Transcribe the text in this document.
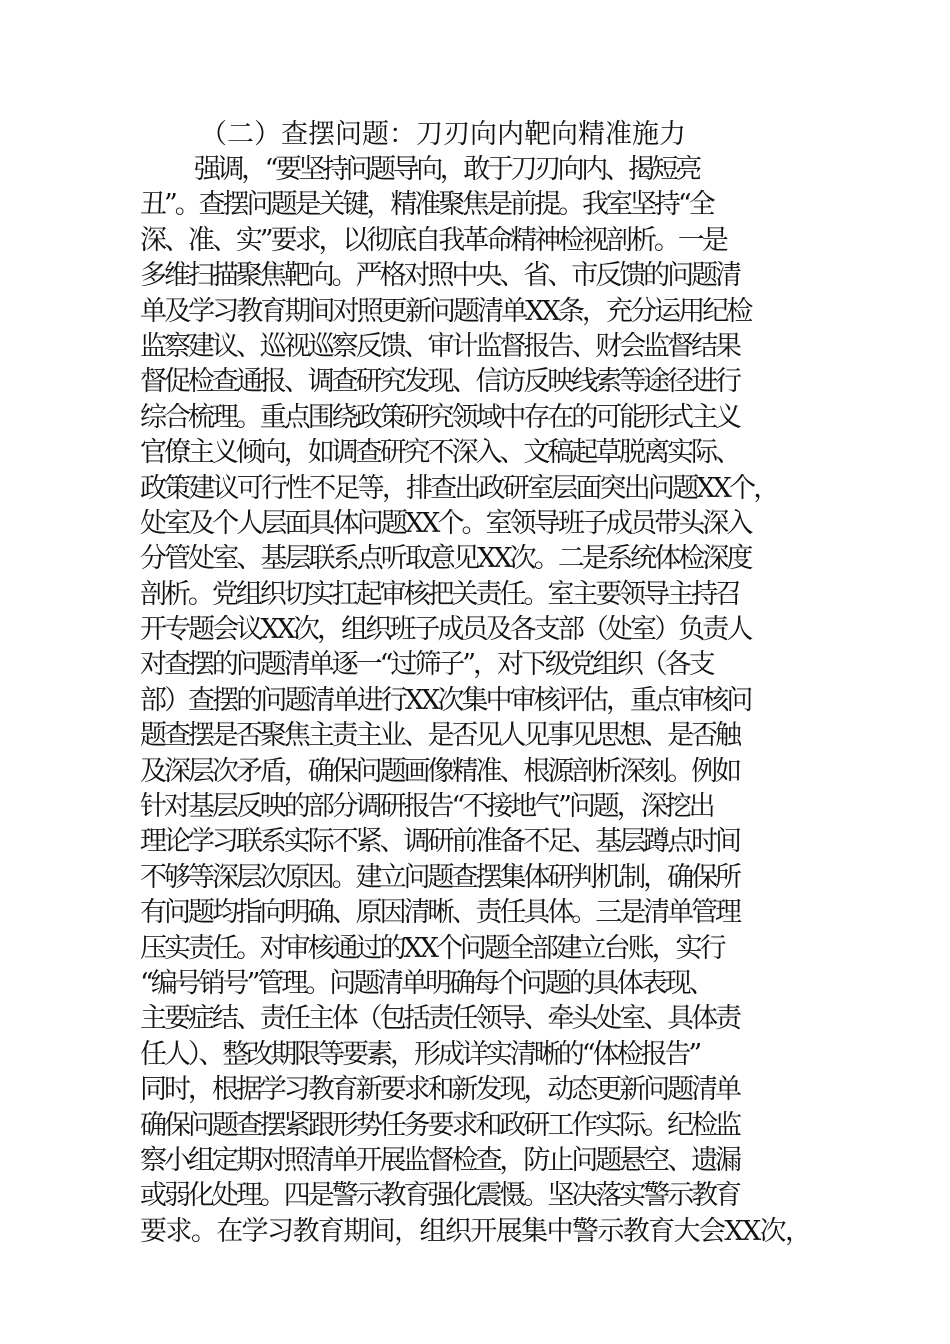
（二）查摆问题：刀刃向内靶向精准施力
强调，“要坚持问题导向，敢于刀刃向内、揭短亮
丑”。查摆问题是关键，精准聚焦是前提。我室坚持“全
深、准、实”要求，以彻底自我革命精神检视剖析。一是
多维扫描聚焦靶向。严格对照中央、省、市反馈的问题清
单及学习教育期间对照更新问题清单XX条，充分运用纪检
监察建议、巡视巡察反馈、审计监督报告、财会监督结果
督促检查通报、调查研究发现、信访反映线索等途径进行
综合梳理。重点围绕政策研究领域中存在的可能形式主义
官僚主义倾向，如调查研究不深入、文稿起草脱离实际、
政策建议可行性不足等，排查出政研室层面突出问题XX个，
处室及个人层面具体问题XX个。室领导班子成员带头深入
分管处室、基层联系点听取意见XX次。二是系统体检深度
剖析。党组织切实扛起审核把关责任。室主要领导主持召
开专题会议XX次，组织班子成员及各支部（处室）负责人
对查摆的问题清单逐一“过筛子”，对下级党组织（各支
部）查摆的问题清单进行XX次集中审核评估，重点审核问
题查摆是否聚焦主责主业、是否见人见事见思想、是否触
及深层次矛盾，确保问题画像精准、根源剖析深刻。例如
针对基层反映的部分调研报告“不接地气”问题，深挖出
理论学习联系实际不紧、调研前准备不足、基层蹲点时间
不够等深层次原因。建立问题查摆集体研判机制，确保所
有问题均指向明确、原因清晰、责任具体。三是清单管理
压实责任。对审核通过的XX个问题全部建立台账，实行
“编号销号”管理。问题清单明确每个问题的具体表现、
主要症结、责任主体（包括责任领导、牵头处室、具体责
任人）、整改期限等要素，形成详实清晰的“体检报告”
同时，根据学习教育新要求和新发现，动态更新问题清单
确保问题查摆紧跟形势任务要求和政研工作实际。纪检监
察小组定期对照清单开展监督检查，防止问题悬空、遗漏
或弱化处理。四是警示教育强化震慑。坚决落实警示教育
要求。在学习教育期间，组织开展集中警示教育大会XX次，
